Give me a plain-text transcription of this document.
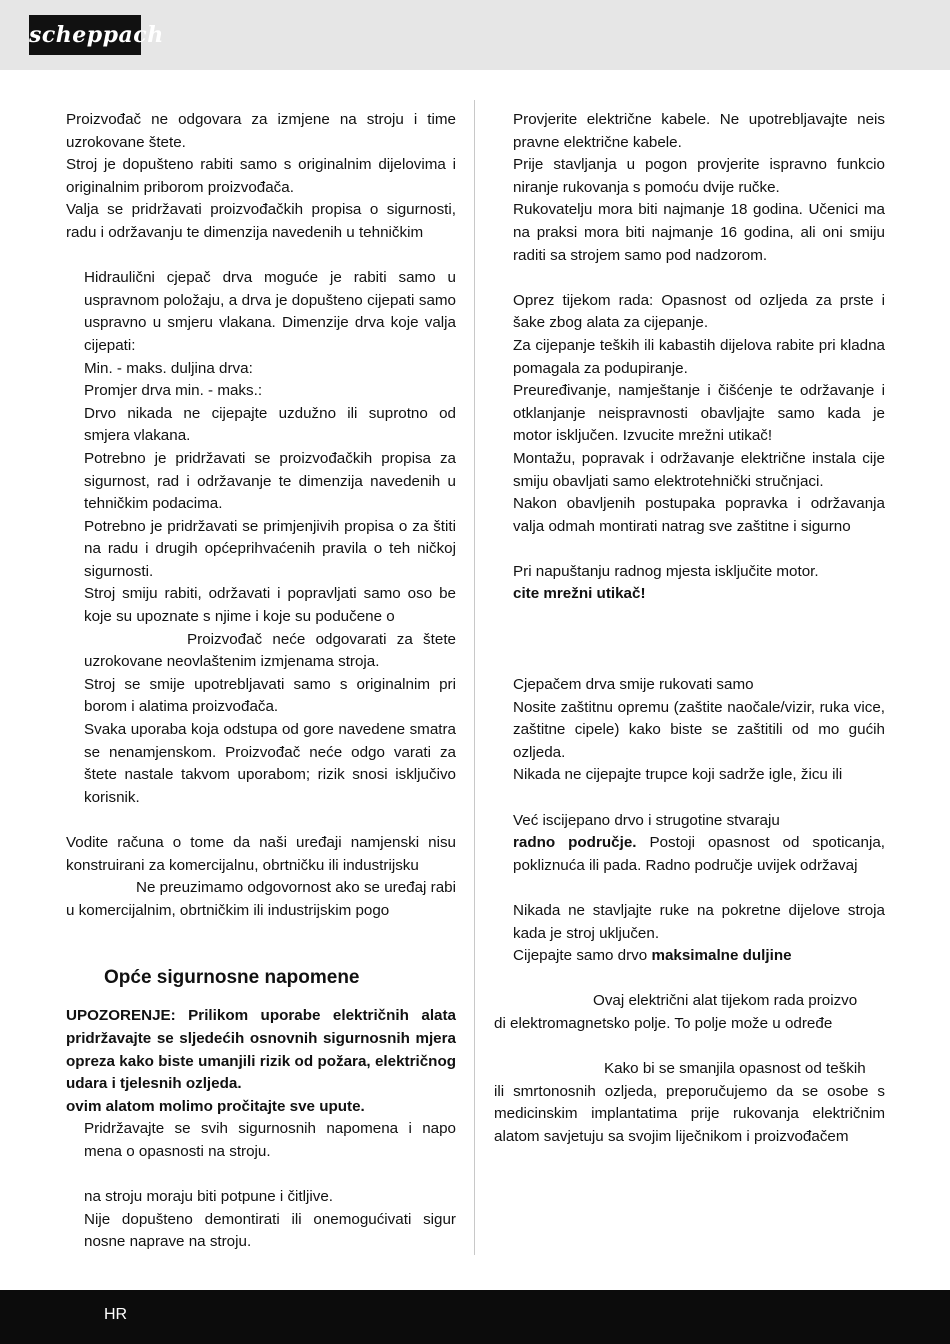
scheppach

Proizvođač ne odgovara za izmjene na stroju i time uzrokovane štete.

Stroj je dopušteno rabiti samo s originalnim dijelovima i originalnim priborom proizvođača.

Valja se pridržavati proizvođačkih propisa o sigurnosti, radu i održavanju te dimenzija navedenih u tehničkim

Hidraulični cjepač drva moguće je rabiti samo u uspravnom položaju, a drva je dopušteno cijepati samo uspravno u smjeru vlakana. Dimenzije drva koje valja cijepati:

Min. - maks. duljina drva:

Promjer drva min. - maks.:

Drvo nikada ne cijepajte uzdužno ili suprotno od smjera vlakana.

Potrebno je pridržavati se proizvođačkih propisa za sigurnost, rad i održavanje te dimenzija navedenih u tehničkim podacima.

Potrebno je pridržavati se primjenjivih propisa o za štiti na radu i drugih općeprihvaćenih pravila o teh ničkoj sigurnosti.

Stroj smiju rabiti, održavati i popravljati samo oso be koje su upoznate s njime i koje su podučene o

Proizvođač neće odgovarati za štete uzrokovane neovlaštenim izmjenama stroja.

Stroj se smije upotrebljavati samo s originalnim pri borom i alatima proizvođača.

Svaka uporaba koja odstupa od gore navedene smatra se nenamjenskom. Proizvođač neće odgo varati za štete nastale takvom uporabom; rizik snosi isključivo korisnik.

Vodite računa o tome da naši uređaji namjenski nisu konstruirani za komercijalnu, obrtničku ili industrijsku

Ne preuzimamo odgovornost ako se uređaj rabi u komercijalnim, obrtničkim ili industrijskim pogo

Opće sigurnosne napomene

UPOZORENJE: Prilikom uporabe električnih alata pridržavajte se sljedećih osnovnih sigurnosnih mjera opreza kako biste umanjili rizik od požara, električnog udara i tjelesnih ozljeda.

ovim alatom molimo pročitajte sve upute.

Pridržavajte se svih sigurnosnih napomena i napo mena o opasnosti na stroju.

na stroju moraju biti potpune i čitljive.

Nije dopušteno demontirati ili onemogućivati sigur nosne naprave na stroju.

Provjerite električne kabele. Ne upotrebljavajte neis pravne električne kabele.

Prije stavljanja u pogon provjerite ispravno funkcio niranje rukovanja s pomoću dvije ručke.

Rukovatelju mora biti najmanje 18 godina. Učenici ma na praksi mora biti najmanje 16 godina, ali oni smiju raditi sa strojem samo pod nadzorom.

Oprez tijekom rada: Opasnost od ozljeda za prste i šake zbog alata za cijepanje.

Za cijepanje teških ili kabastih dijelova rabite pri kladna pomagala za podupiranje.

Preuređivanje, namještanje i čišćenje te održavanje i otklanjanje neispravnosti obavljajte samo kada je motor isključen. Izvucite mrežni utikač!

Montažu, popravak i održavanje električne instala cije smiju obavljati samo elektrotehnički stručnjaci.

Nakon obavljenih postupaka popravka i održavanja valja odmah montirati natrag sve zaštitne i sigurno

Pri napuštanju radnog mjesta isključite motor.

cite mrežni utikač!

Cjepačem drva smije rukovati samo

Nosite zaštitnu opremu (zaštite naočale/vizir, ruka vice, zaštitne cipele) kako biste se zaštitili od mo gućih ozljeda.

Nikada ne cijepajte trupce koji sadrže igle, žicu ili

Već iscijepano drvo i strugotine stvaraju
radno područje. Postoji opasnost od spoticanja, pokliznuća ili pada. Radno područje uvijek održavaj

Nikada ne stavljajte ruke na pokretne dijelove stroja kada je stroj uključen.

Cijepajte samo drvo maksimalne duljine

Ovaj električni alat tijekom rada proizvo

di elektromagnetsko polje. To polje može u određe

Kako bi se smanjila opasnost od teških

ili smrtonosnih ozljeda, preporučujemo da se osobe s medicinskim implantatima prije rukovanja električnim alatom savjetuju sa svojim liječnikom i proizvođačem

HR
